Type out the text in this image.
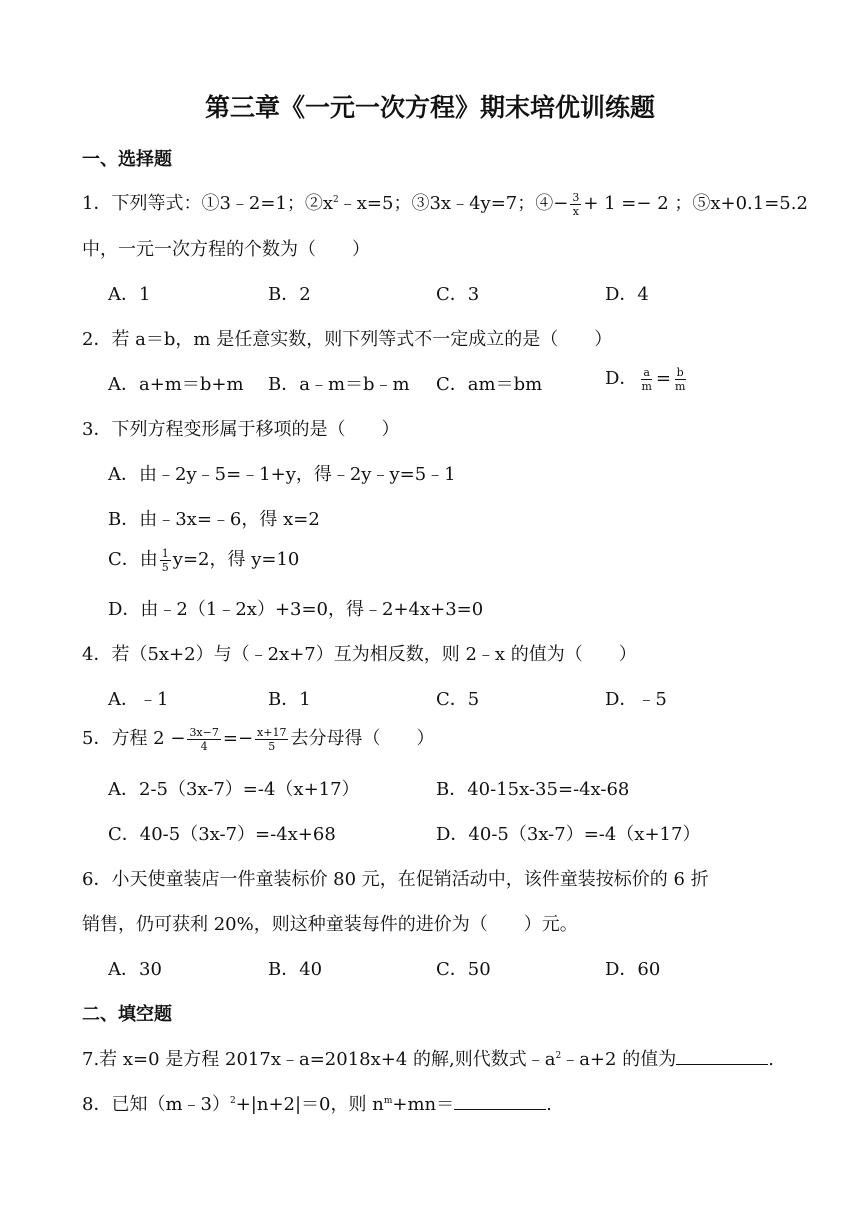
第三章《一元一次方程》期末培优训练题
一、选择题
1．下列等式：①3﹣2=1；$②x^2﹣x=5$；③3x﹣4y=7；④− $\frac{3}{x} + 1 =- 2$ ；⑤x+0.1=5.2
中，一元一次方程的个数为（　　）
A．1	B．2	C．3	D．4
2．若 a＝b，m 是任意实数，则下列等式不一定成立的是（　　）
A．a+m＝b+m B．a﹣m＝b﹣m C．am＝bm	D． $\frac{a}{m} = \frac{b}{m}$
3．下列方程变形属于移项的是（　　）
A．由﹣2y﹣5=﹣1+y，得﹣2y﹣y=5﹣1
B．由﹣3x=﹣6，得 x=2
C．由 $\frac{1}{5} y=2$，得 y=10
D．由﹣2（1﹣2x）+3=0，得﹣2+4x+3=0
4．若（5x+2）与（﹣2x+7）互为相反数，则 2﹣x 的值为（　　）
A．﹣1	B．1	C．5	D．﹣5
5．方程 $2 - \frac{3x-7}{4} =- \frac{x+17}{5}$ 去分母得（　　）
A．2-5（3x-7）=-4（x+17）	B．40-15x-35=-4x-68
C．40-5（3x-7）=-4x+68	D．40-5（3x-7）=-4（x+17）
6．小天使童装店一件童装标价 80 元，在促销活动中，该件童装按标价的 6 折
销售，仍可获利 20%，则这种童装每件的进价为（　　）元。
A．30	B．40	C．50	D．60
二、填空题
7.若 x=0 是方程 2017x﹣a=2018x+4 的解,则代数式$﹣a^2﹣a+2$ 的值为	.
8．已知（m﹣3）$^2$+|n+2|＝0，则 $n^m+mn=$	.
